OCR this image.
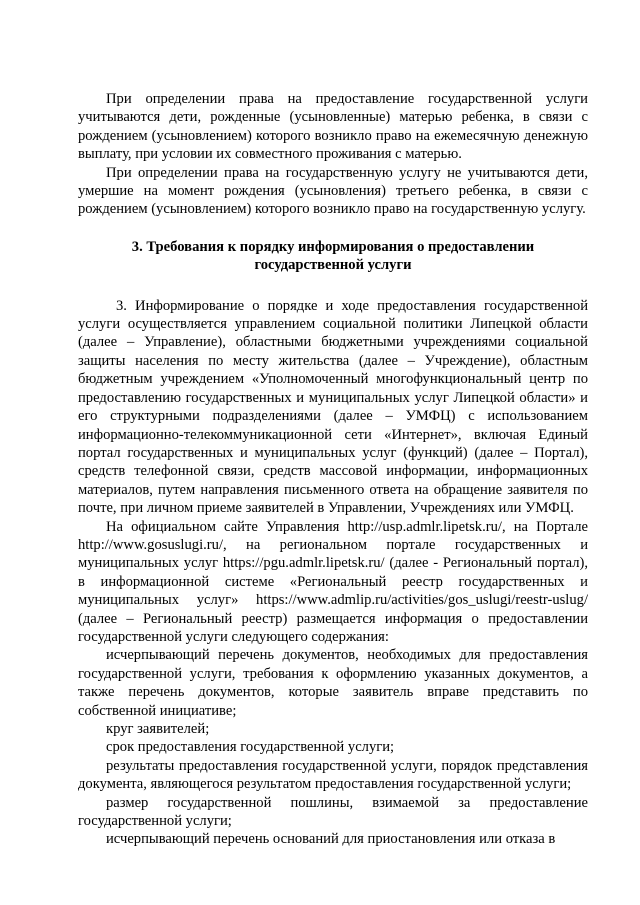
При определении права на предоставление государственной услуги учитываются дети, рожденные (усыновленные) матерью ребенка, в связи с рождением (усыновлением) которого возникло право на ежемесячную денежную выплату, при условии их совместного проживания с матерью.

При определении права на государственную услугу не учитываются дети, умершие на момент рождения (усыновления) третьего ребенка, в связи с рождением (усыновлением) которого возникло право на государственную услугу.

3. Требования к порядку информирования о предоставлении государственной услуги

3. Информирование о порядке и ходе предоставления государственной услуги осуществляется управлением социальной политики Липецкой области (далее – Управление), областными бюджетными учреждениями социальной защиты населения по месту жительства (далее – Учреждение), областным бюджетным учреждением «Уполномоченный многофункциональный центр по предоставлению государственных и муниципальных услуг Липецкой области» и его структурными подразделениями (далее – УМФЦ) с использованием информационно-телекоммуникационной сети «Интернет», включая Единый портал государственных и муниципальных услуг (функций) (далее – Портал), средств телефонной связи, средств массовой информации, информационных материалов, путем направления письменного ответа на обращение заявителя по почте, при личном приеме заявителей в Управлении, Учреждениях или УМФЦ.

На официальном сайте Управления http://usp.admlr.lipetsk.ru/, на Портале http://www.gosuslugi.ru/, на региональном портале государственных и муниципальных услуг https://pgu.admlr.lipetsk.ru/ (далее - Региональный портал), в информационной системе «Региональный реестр государственных и муниципальных услуг» https://www.admlip.ru/activities/gos_uslugi/reestr-uslug/ (далее – Региональный реестр) размещается информация о предоставлении государственной услуги следующего содержания:

исчерпывающий перечень документов, необходимых для предоставления государственной услуги, требования к оформлению указанных документов, а также перечень документов, которые заявитель вправе представить по собственной инициативе;

круг заявителей;

срок предоставления государственной услуги;

результаты предоставления государственной услуги, порядок представления документа, являющегося результатом предоставления государственной услуги;

размер государственной пошлины, взимаемой за предоставление государственной услуги;

исчерпывающий перечень оснований для приостановления или отказа в
